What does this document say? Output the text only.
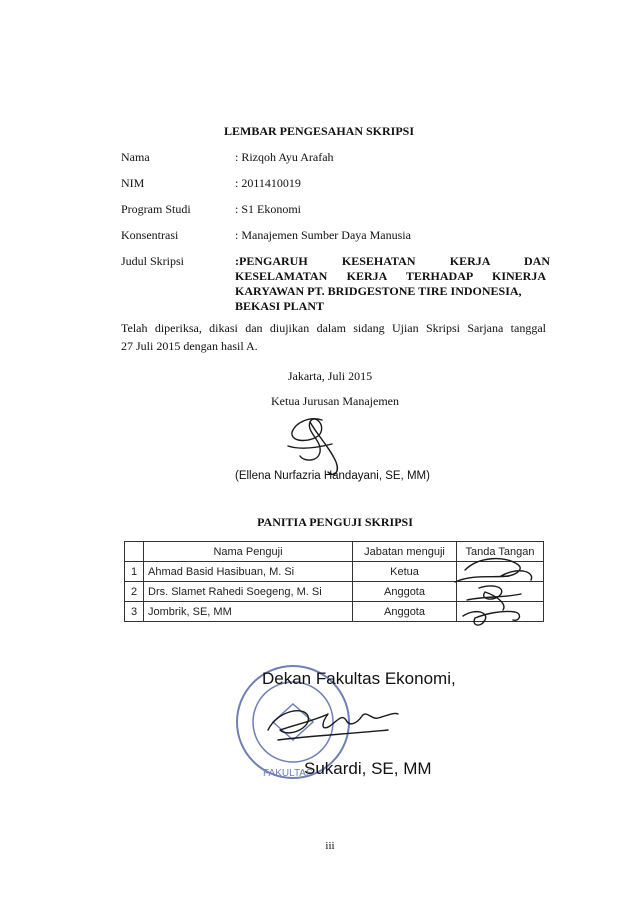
LEMBAR PENGESAHAN SKRIPSI
Nama	: Rizqoh Ayu Arafah
NIM	: 2011410019
Program Studi	: S1 Ekonomi
Konsentrasi	: Manajemen Sumber Daya Manusia
Judul Skripsi	:PENGARUH KESEHATAN KERJA DAN
KESELAMATAN KERJA TERHADAP KINERJA
KARYAWAN PT. BRIDGESTONE TIRE INDONESIA,
BEKASI PLANT
Telah diperiksa, dikasi dan diujikan dalam sidang Ujian Skripsi Sarjana tanggal
27 Juli 2015 dengan hasil A.
Jakarta, Juli 2015
Ketua Jurusan Manajemen
(Ellena Nurfazria Handayani, SE, MM)
PANITIA PENGUJI SKRIPSI
	Nama Penguji	Jabatan menguji	Tanda Tangan
1	Ahmad Basid Hasibuan, M. Si	Ketua	
2	Drs. Slamet Rahedi Soegeng, M. Si	Anggota	
3	Jombrik, SE, MM	Anggota	
FAKULTAS
Dekan Fakultas Ekonomi,
Sukardi, SE, MM
iii
